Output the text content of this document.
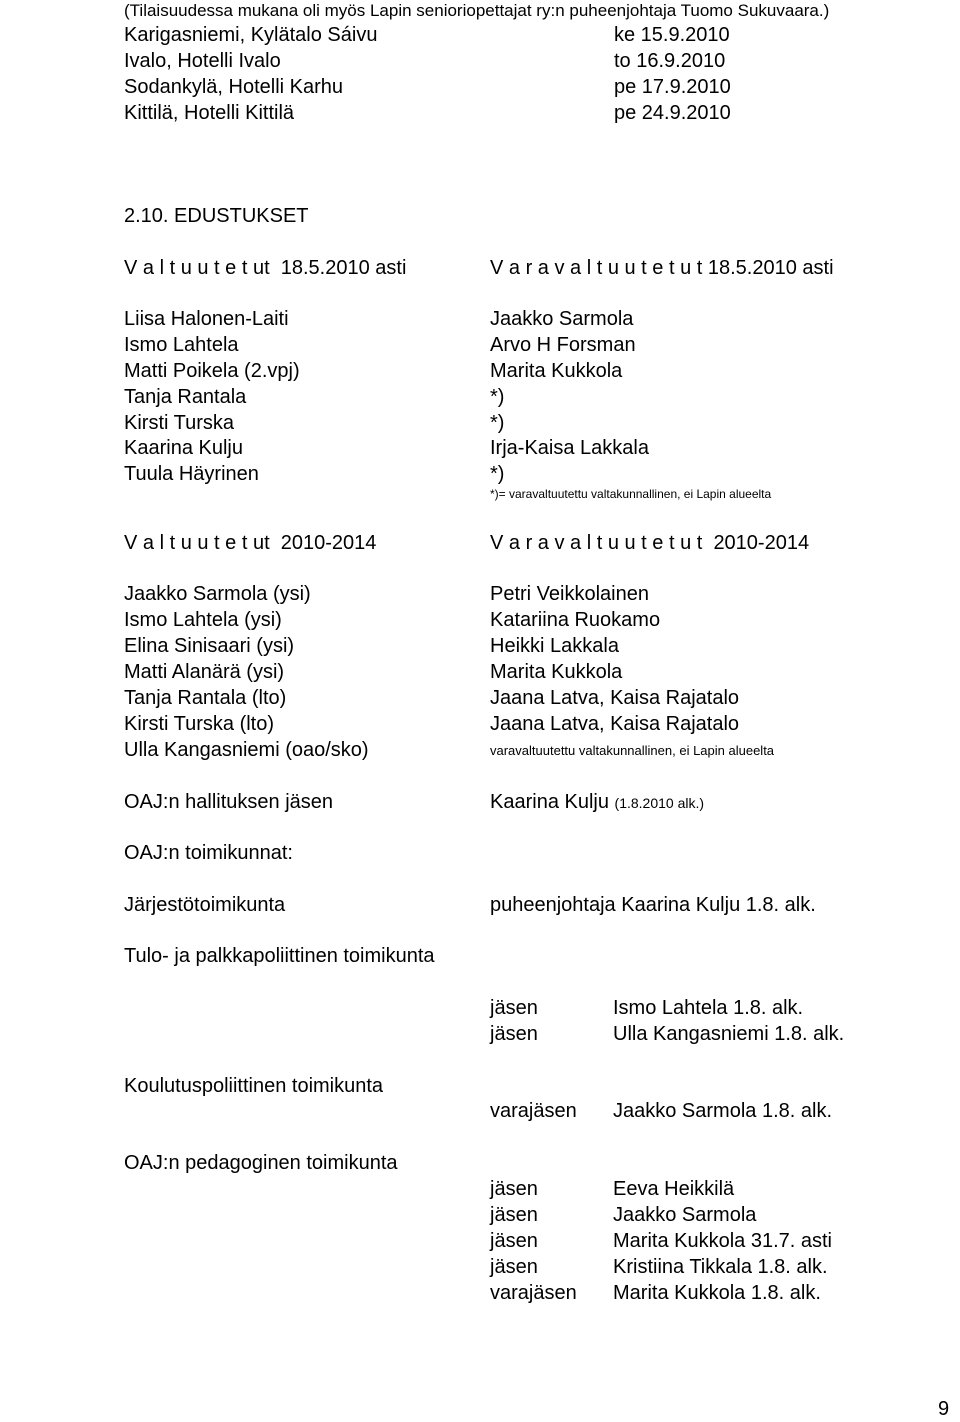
(Tilaisuudessa mukana oli myös Lapin senioriopettajat ry:n puheenjohtaja Tuomo Sukuvaara.)
Karigasniemi, Kylätalo Sáivu	ke 15.9.2010
Ivalo, Hotelli Ivalo	to 16.9.2010
Sodankylä, Hotelli Karhu	pe 17.9.2010
Kittilä, Hotelli Kittilä	pe 24.9.2010
2.10. EDUSTUKSET
V a l t u u t e t ut  18.5.2010 asti	V a r a v a l t u u t e t u t 18.5.2010 asti
Liisa Halonen-Laiti	Jaakko Sarmola
Ismo Lahtela	Arvo H Forsman
Matti Poikela (2.vpj)	Marita Kukkola
Tanja Rantala	*)
Kirsti Turska	*)
Kaarina Kulju	Irja-Kaisa Lakkala
Tuula Häyrinen	*)
*)= varavaltuutettu valtakunnallinen, ei Lapin alueelta
V a l t u u t e t ut  2010-2014	V a r a v a l t u u t e t u t  2010-2014
Jaakko Sarmola (ysi)	Petri Veikkolainen
Ismo Lahtela (ysi)	Katariina Ruokamo
Elina Sinisaari (ysi)	Heikki Lakkala
Matti Alanärä (ysi)	Marita Kukkola
Tanja Rantala (lto)	Jaana Latva, Kaisa Rajatalo
Kirsti Turska (lto)	Jaana Latva, Kaisa Rajatalo
Ulla Kangasniemi (oao/sko)	varavaltuutettu valtakunnallinen, ei Lapin alueelta
OAJ:n hallituksen jäsen	Kaarina Kulju (1.8.2010 alk.)
OAJ:n toimikunnat:
Järjestötoimikunta	puheenjohtaja Kaarina Kulju 1.8. alk.
Tulo- ja palkkapoliittinen toimikunta
jäsen	Ismo Lahtela 1.8. alk.
jäsen	Ulla Kangasniemi 1.8. alk.
Koulutuspoliittinen toimikunta
varajäsen Jaakko Sarmola 1.8. alk.
OAJ:n pedagoginen toimikunta
jäsen	Eeva Heikkilä
jäsen	Jaakko Sarmola
jäsen	Marita Kukkola 31.7. asti
jäsen	Kristiina Tikkala 1.8. alk.
varajäsen Marita Kukkola 1.8. alk.
9
